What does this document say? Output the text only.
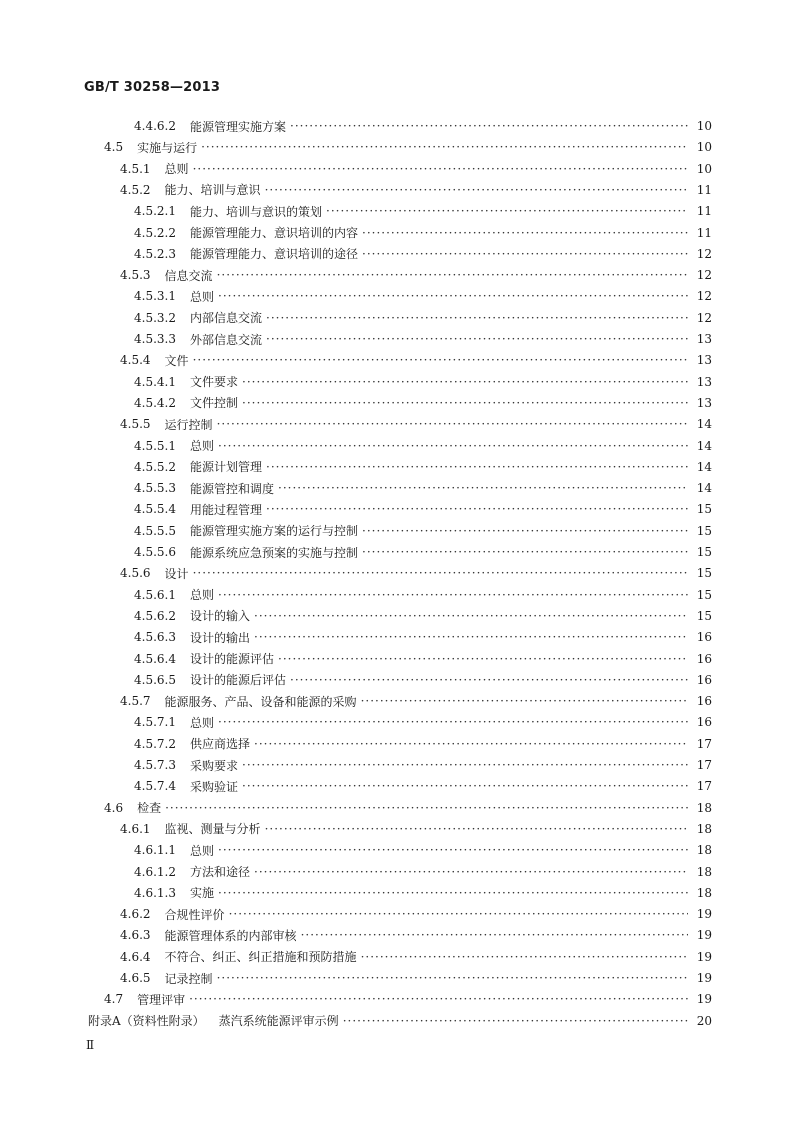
GB/T 30258—2013
4.4.6.2 能源管理实施方案 ·····	10
4.5 实施与运行 ·····	10
4.5.1 总则 ·····	10
4.5.2 能力、培训与意识 ·····	11
4.5.2.1 能力、培训与意识的策划 ·····	11
4.5.2.2 能源管理能力、意识培训的内容 ·····	11
4.5.2.3 能源管理能力、意识培训的途径 ·····	12
4.5.3 信息交流 ·····	12
4.5.3.1 总则 ·····	12
4.5.3.2 内部信息交流 ·····	12
4.5.3.3 外部信息交流 ·····	13
4.5.4 文件 ·····	13
4.5.4.1 文件要求 ·····	13
4.5.4.2 文件控制 ·····	13
4.5.5 运行控制 ·····	14
4.5.5.1 总则 ·····	14
4.5.5.2 能源计划管理 ·····	14
4.5.5.3 能源管控和调度 ·····	14
4.5.5.4 用能过程管理 ·····	15
4.5.5.5 能源管理实施方案的运行与控制 ·····	15
4.5.5.6 能源系统应急预案的实施与控制 ·····	15
4.5.6 设计 ·····	15
4.5.6.1 总则 ·····	15
4.5.6.2 设计的输入 ·····	15
4.5.6.3 设计的输出 ·····	16
4.5.6.4 设计的能源评估 ·····	16
4.5.6.5 设计的能源后评估 ·····	16
4.5.7 能源服务、产品、设备和能源的采购 ·····	16
4.5.7.1 总则 ·····	16
4.5.7.2 供应商选择 ·····	17
4.5.7.3 采购要求 ·····	17
4.5.7.4 采购验证 ·····	17
4.6 检查 ·····	18
4.6.1 监视、测量与分析 ·····	18
4.6.1.1 总则 ·····	18
4.6.1.2 方法和途径 ·····	18
4.6.1.3 实施 ·····	18
4.6.2 合规性评价 ·····	19
4.6.3 能源管理体系的内部审核 ·····	19
4.6.4 不符合、纠正、纠正措施和预防措施 ·····	19
4.6.5 记录控制 ·····	19
4.7 管理评审 ·····	19
附录A（资料性附录） 蒸汽系统能源评审示例 ·····	20
Ⅱ
